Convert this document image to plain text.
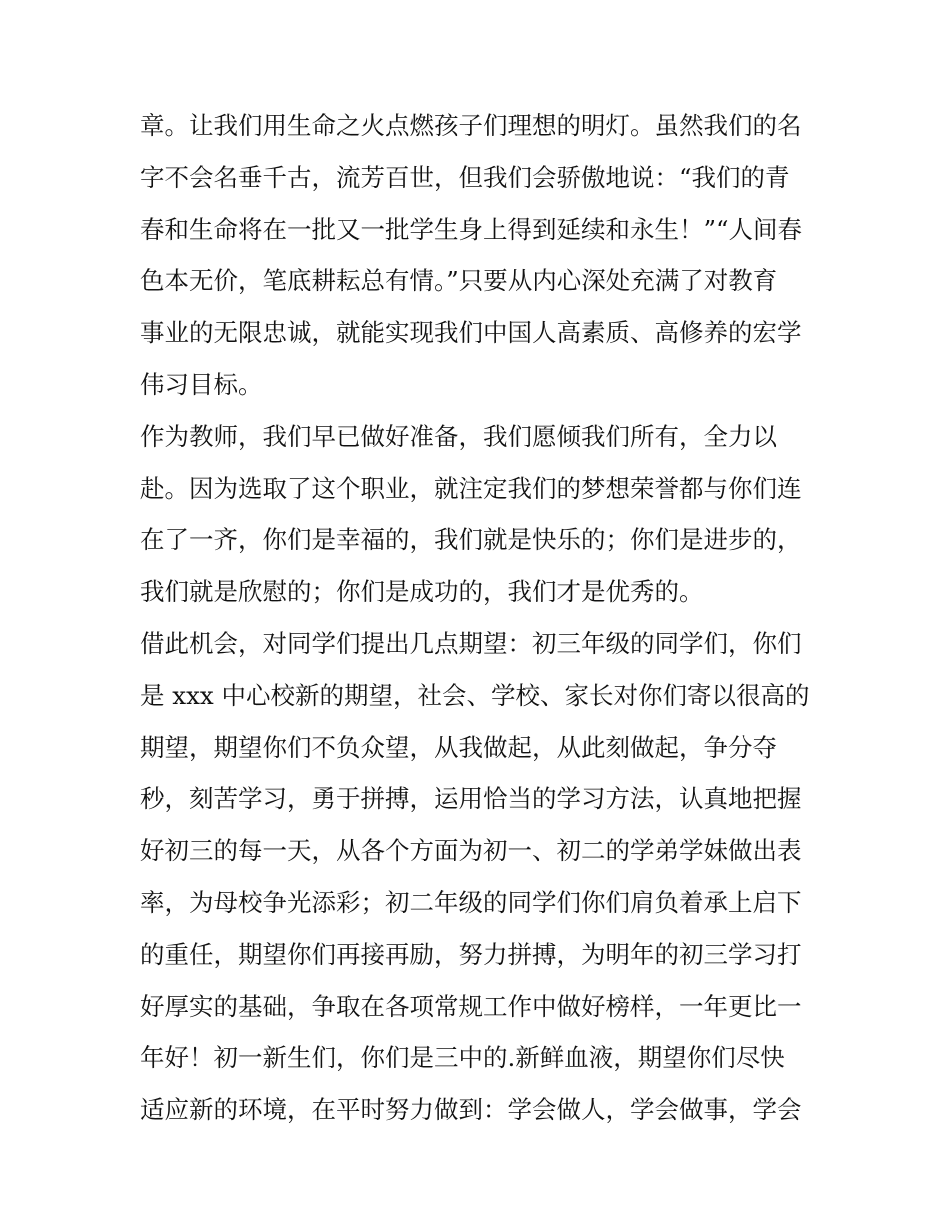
章。让我们用生命之火点燃孩子们理想的明灯。虽然我们的名
字不会名垂千古，流芳百世，但我们会骄傲地说：“我们的青
春和生命将在一批又一批学生身上得到延续和永生！”“人间春
色本无价，笔底耕耘总有情。”只要从内心深处充满了对教育
事业的无限忠诚，就能实现我们中国人高素质、高修养的宏学
伟习目标。
作为教师，我们早已做好准备，我们愿倾我们所有，全力以
赴。因为选取了这个职业，就注定我们的梦想荣誉都与你们连
在了一齐，你们是幸福的，我们就是快乐的；你们是进步的，
我们就是欣慰的；你们是成功的，我们才是优秀的。
借此机会，对同学们提出几点期望：初三年级的同学们，你们
是 xxx 中心校新的期望，社会、学校、家长对你们寄以很高的
期望，期望你们不负众望，从我做起，从此刻做起，争分夺
秒，刻苦学习，勇于拼搏，运用恰当的学习方法，认真地把握
好初三的每一天，从各个方面为初一、初二的学弟学妹做出表
率，为母校争光添彩；初二年级的同学们你们肩负着承上启下
的重任，期望你们再接再励，努力拼搏，为明年的初三学习打
好厚实的基础，争取在各项常规工作中做好榜样，一年更比一
年好！初一新生们，你们是三中的.新鲜血液，期望你们尽快
适应新的环境，在平时努力做到：学会做人，学会做事，学会
